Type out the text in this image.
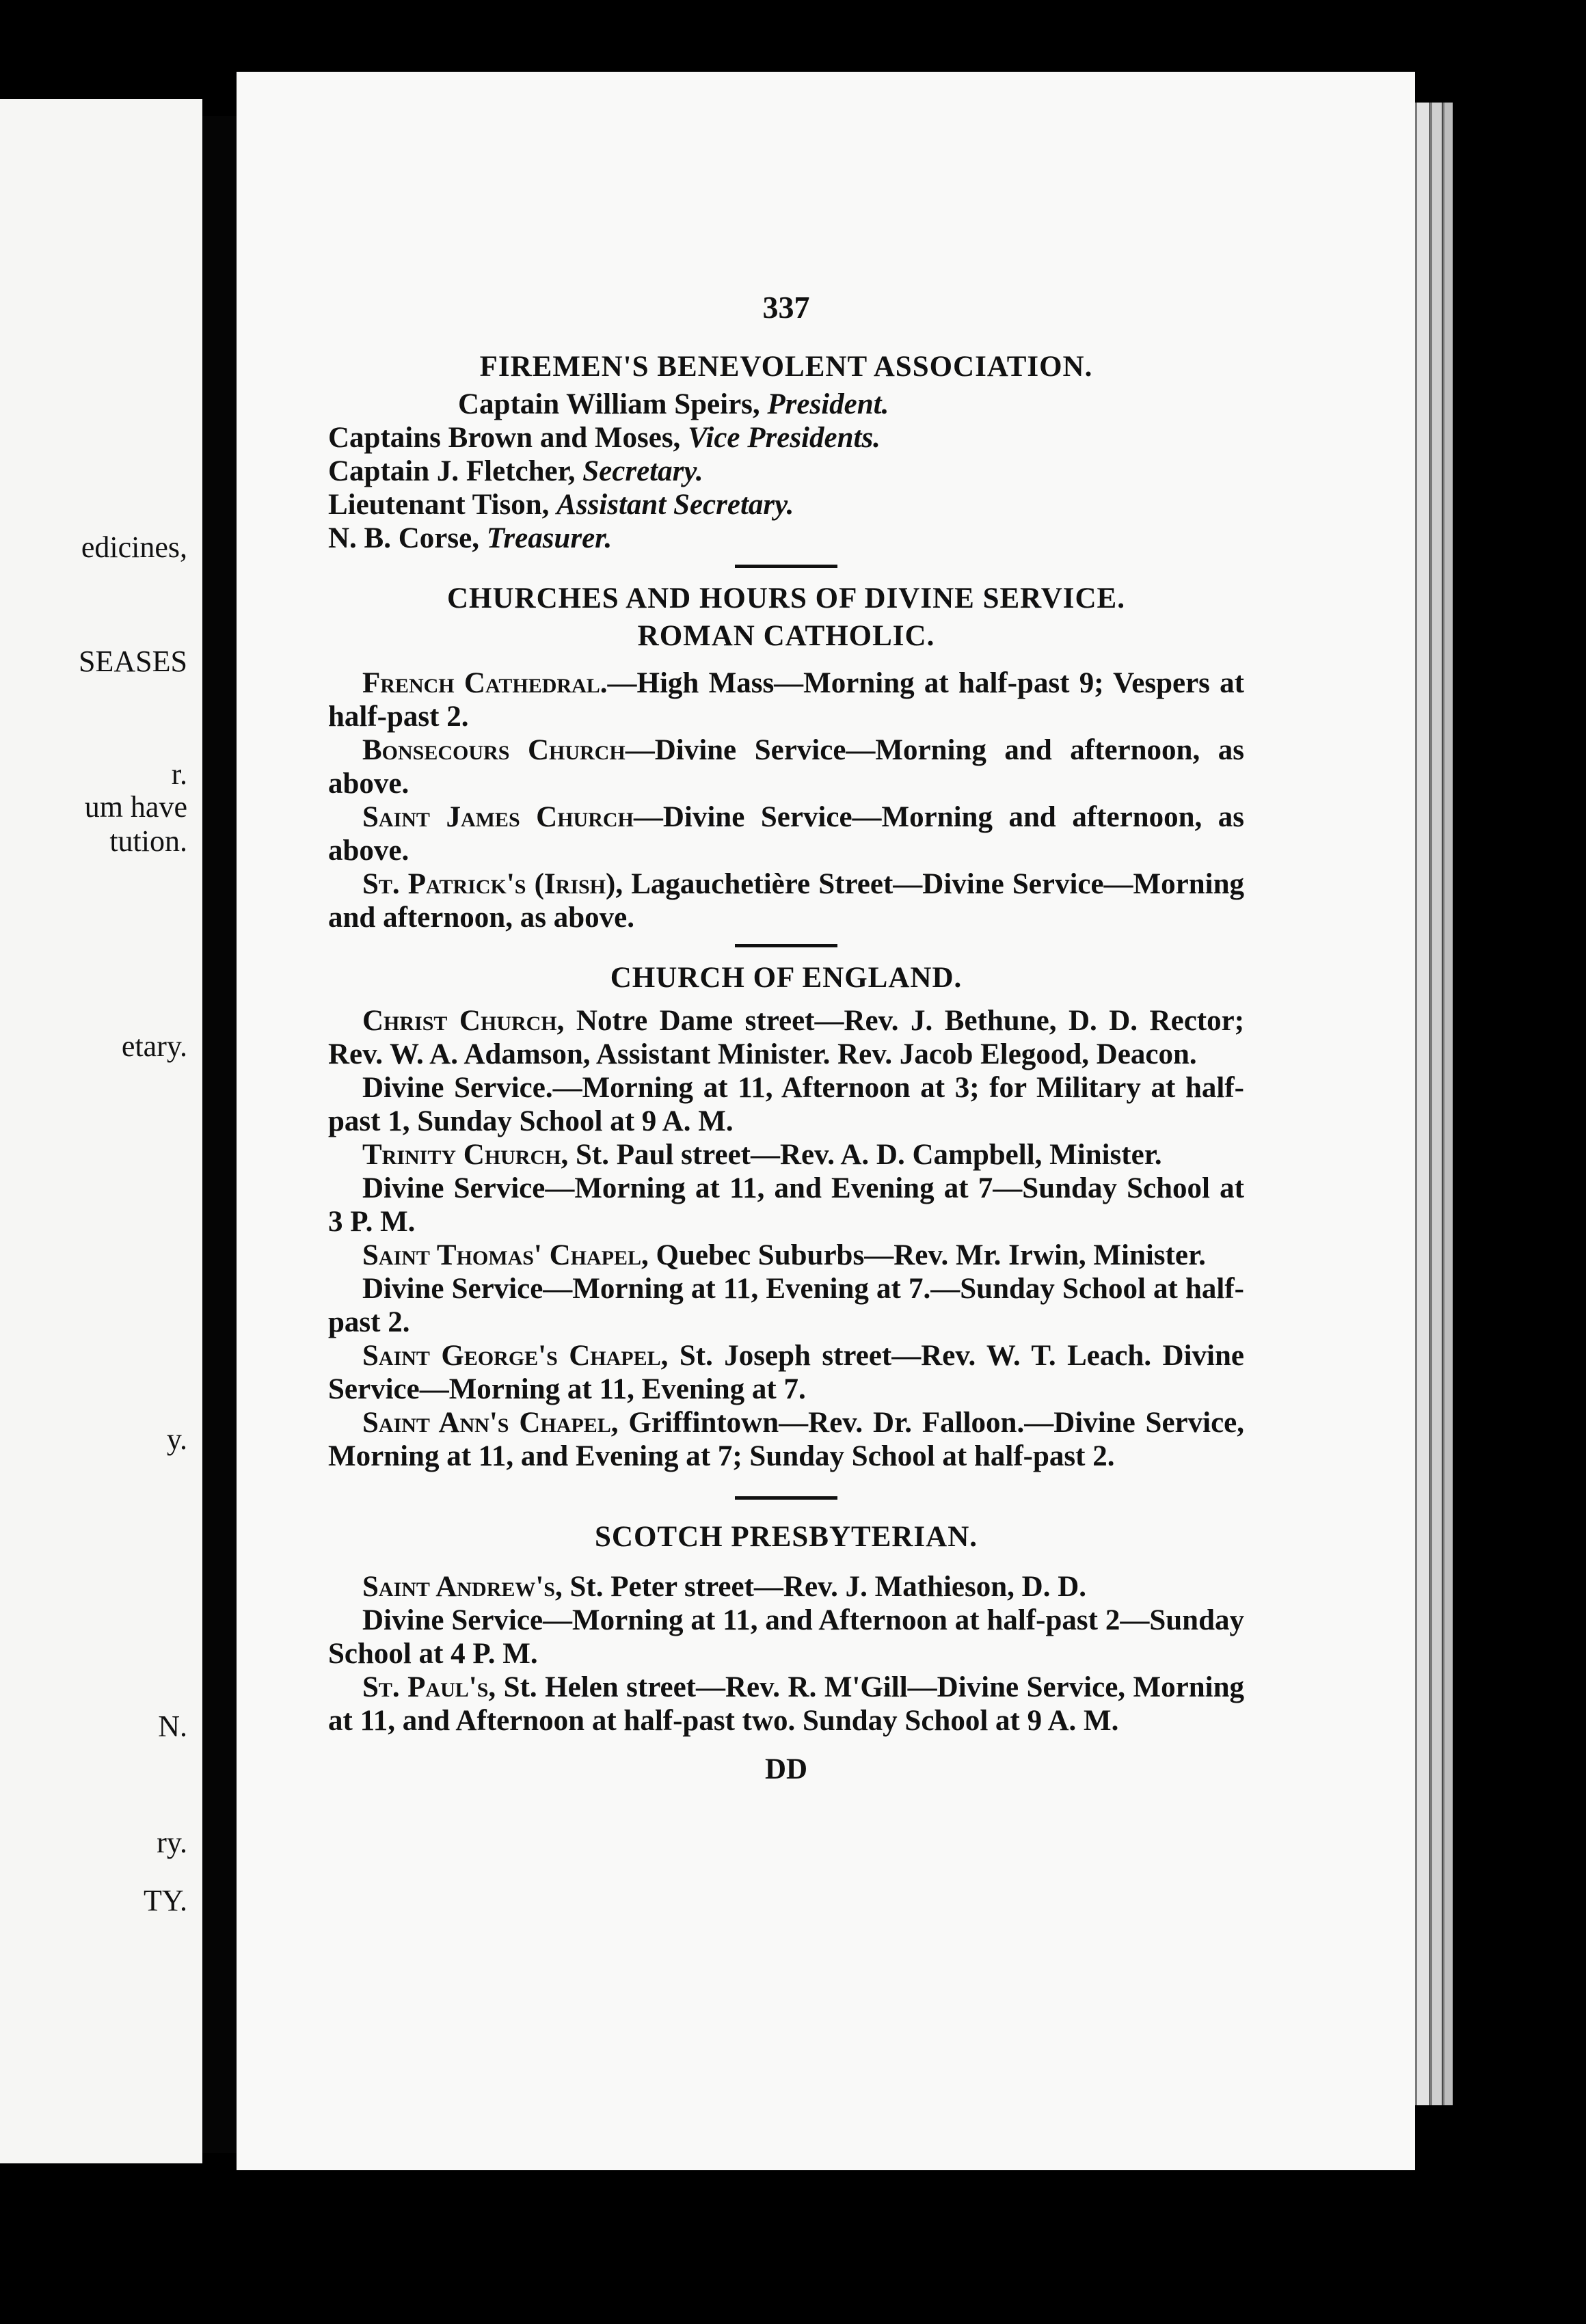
edicines,
SEASES
r.
um have
tution.
etary.
y.
N.
ry.
TY.
337
FIREMEN'S BENEVOLENT ASSOCIATION.
Captain William Speirs, President.
Captains Brown and Moses, Vice Presidents.
Captain J. Fletcher, Secretary.
Lieutenant Tison, Assistant Secretary.
N. B. Corse, Treasurer.
CHURCHES AND HOURS OF DIVINE SERVICE.
ROMAN CATHOLIC.

French Cathedral.—High Mass—Morning at half-past 9; Vespers at half-past 2.

Bonsecours Church—Divine Service—Morning and afternoon, as above.

Saint James Church—Divine Service—Morning and afternoon, as above.

St. Patrick's (Irish), Lagauchetière Street—Divine Service—Morning and afternoon, as above.

CHURCH OF ENGLAND.

Christ Church, Notre Dame street—Rev. J. Bethune, D. D. Rector; Rev. W. A. Adamson, Assistant Minister. Rev. Jacob Elegood, Deacon.

Divine Service.—Morning at 11, Afternoon at 3; for Military at half-past 1, Sunday School at 9 A. M.

Trinity Church, St. Paul street—Rev. A. D. Campbell, Minister.

Divine Service—Morning at 11, and Evening at 7—Sunday School at 3 P. M.

Saint Thomas' Chapel, Quebec Suburbs—Rev. Mr. Irwin, Minister.

Divine Service—Morning at 11, Evening at 7.—Sunday School at half-past 2.

Saint George's Chapel, St. Joseph street—Rev. W. T. Leach. Divine Service—Morning at 11, Evening at 7.

Saint Ann's Chapel, Griffintown—Rev. Dr. Falloon.—Divine Service, Morning at 11, and Evening at 7; Sunday School at half-past 2.

SCOTCH PRESBYTERIAN.

Saint Andrew's, St. Peter street—Rev. J. Mathieson, D. D.

Divine Service—Morning at 11, and Afternoon at half-past 2—Sunday School at 4 P. M.

St. Paul's, St. Helen street—Rev. R. M'Gill—Divine Service, Morning at 11, and Afternoon at half-past two. Sunday School at 9 A. M.

DD
